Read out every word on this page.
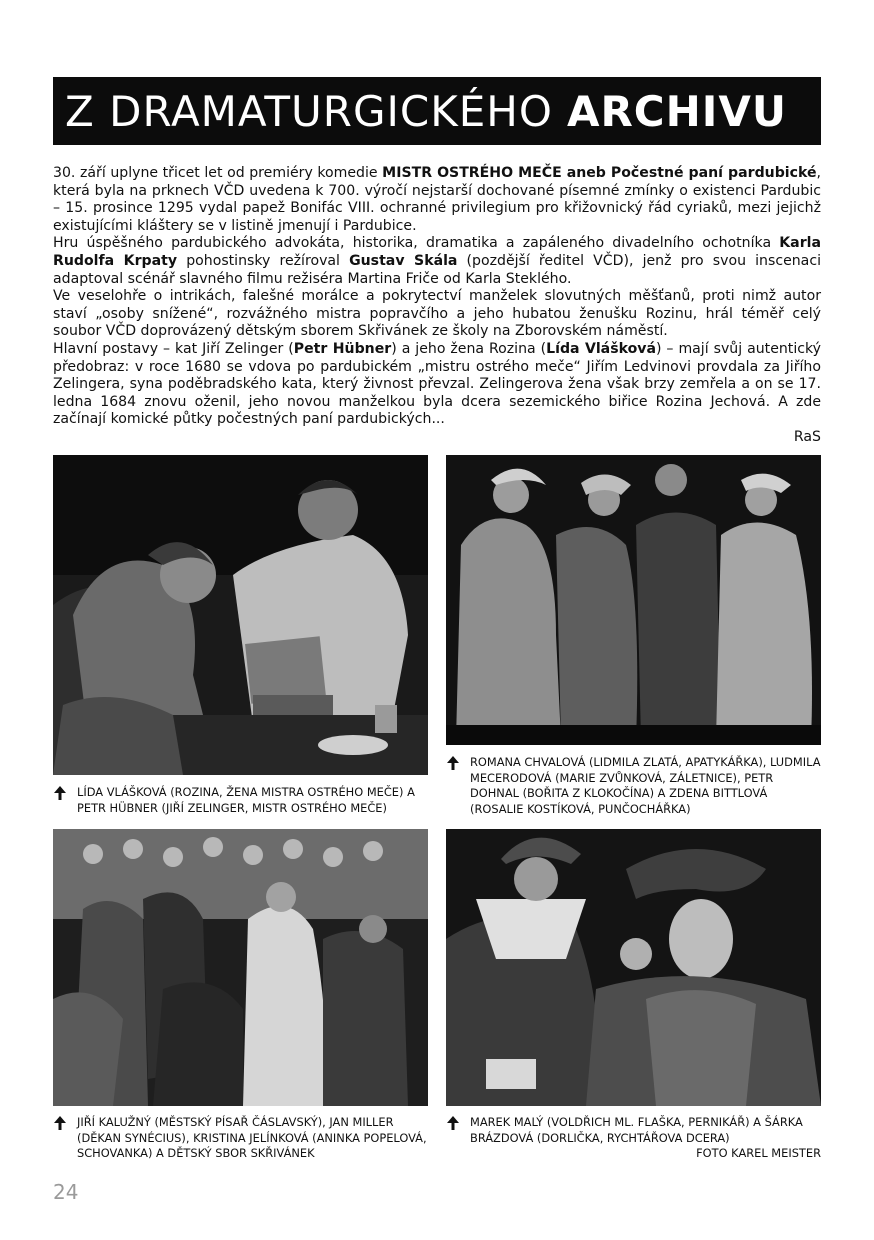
Z DRAMATURGICKÉHO ARCHIVU

30. září uplyne třicet let od premiéry komedie MISTR OSTRÉHO MEČE aneb Počestné paní pardubické, která byla na prknech VČD uvedena k 700. výročí nejstarší dochované písemné zmínky o existenci Pardubic – 15. prosince 1295 vydal papež Bonifác VIII. ochranné privilegium pro křižovnický řád cyriaků, mezi jejichž existujícími kláštery se v listině jmenují i Pardubice.

Hru úspěšného pardubického advokáta, historika, dramatika a zapáleného divadelního ochotníka Karla Rudolfa Krpaty pohostinsky režíroval Gustav Skála (pozdější ředitel VČD), jenž pro svou inscenaci adaptoval scénář slavného filmu režiséra Martina Friče od Karla Steklého.

Ve veselohře o intrikách, falešné morálce a pokrytectví manželek slovutných měšťanů, proti nimž autor staví „osoby snížené“, rozvážného mistra popravčího a jeho hubatou ženušku Rozinu, hrál téměř celý soubor VČD doprovázený dětským sborem Skřivánek ze školy na Zborovském náměstí.

Hlavní postavy – kat Jiří Zelinger (Petr Hübner) a jeho žena Rozina (Lída Vlášková) – mají svůj autentický předobraz: v roce 1680 se vdova po pardubickém „mistru ostrého meče“ Jiřím Ledvinovi provdala za Jiřího Zelingera, syna poděbradského kata, který živnost převzal. Zelingerova žena však brzy zemřela a on se 17. ledna 1684 znovu oženil, jeho novou manželkou byla dcera sezemického biřice Rozina Jechová. A zde začínají komické půtky počestných paní pardubických...

RaS
LÍDA VLÁŠKOVÁ (ROZINA, ŽENA MISTRA OSTRÉHO MEČE) A PETR HÜBNER (JIŘÍ ZELINGER, MISTR OSTRÉHO MEČE)
ROMANA CHVALOVÁ (LIDMILA ZLATÁ, APATYKÁŘKA), LUDMILA MECERODOVÁ (MARIE ZVŮNKOVÁ, ZÁLETNICE), PETR DOHNAL (BOŘITA Z KLOKOČÍNA) A ZDENA BITTLOVÁ (ROSALIE KOSTÍKOVÁ, PUNČOCHÁŘKA)
JIŘÍ KALUŽNÝ (MĚSTSKÝ PÍSAŘ ČÁSLAVSKÝ), JAN MILLER (DĚKAN SYNÉCIUS), KRISTINA JELÍNKOVÁ (ANINKA POPELOVÁ, SCHOVANKA) A DĚTSKÝ SBOR SKŘIVÁNEK
MAREK MALÝ (VOLDŘICH ML. FLAŠKA, PERNIKÁŘ) A ŠÁRKA BRÁZDOVÁ (DORLIČKA, RYCHTÁŘOVA DCERA)
FOTO KAREL MEISTER
24
